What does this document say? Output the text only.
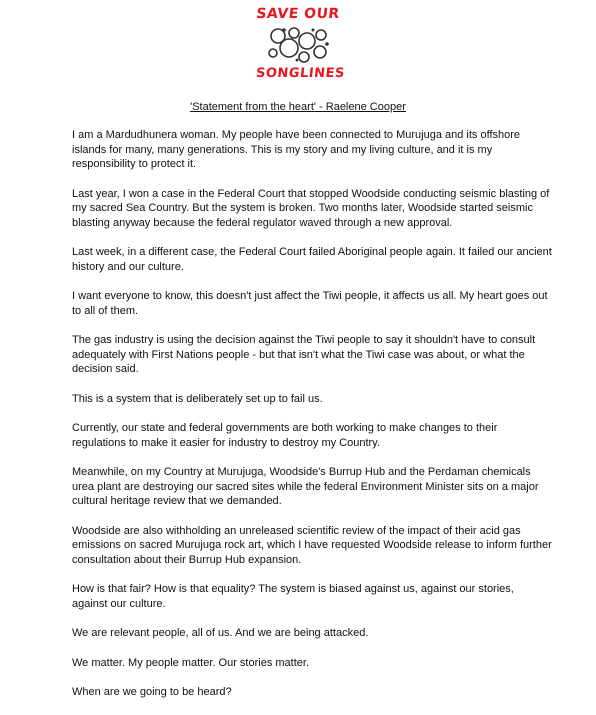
SAVE OUR
SONGLINES
'Statement from the heart' - Raelene Cooper

I am a Mardudhunera woman. My people have been connected to Murujuga and its offshore islands for many, many generations. This is my story and my living culture, and it is my responsibility to protect it.

Last year, I won a case in the Federal Court that stopped Woodside conducting seismic blasting of my sacred Sea Country. But the system is broken. Two months later, Woodside started seismic blasting anyway because the federal regulator waved through a new approval.

Last week, in a different case, the Federal Court failed Aboriginal people again. It failed our ancient history and our culture.

I want everyone to know, this doesn't just affect the Tiwi people, it affects us all. My heart goes out to all of them.

The gas industry is using the decision against the Tiwi people to say it shouldn't have to consult adequately with First Nations people - but that isn't what the Tiwi case was about, or what the decision said.

This is a system that is deliberately set up to fail us.

Currently, our state and federal governments are both working to make changes to their regulations to make it easier for industry to destroy my Country.

Meanwhile, on my Country at Murujuga, Woodside's Burrup Hub and the Perdaman chemicals urea plant are destroying our sacred sites while the federal Environment Minister sits on a major cultural heritage review that we demanded.

Woodside are also withholding an unreleased scientific review of the impact of their acid gas emissions on sacred Murujuga rock art, which I have requested Woodside release to inform further consultation about their Burrup Hub expansion.

How is that fair? How is that equality? The system is biased against us, against our stories, against our culture.

We are relevant people, all of us. And we are being attacked.

We matter. My people matter. Our stories matter.

When are we going to be heard?
